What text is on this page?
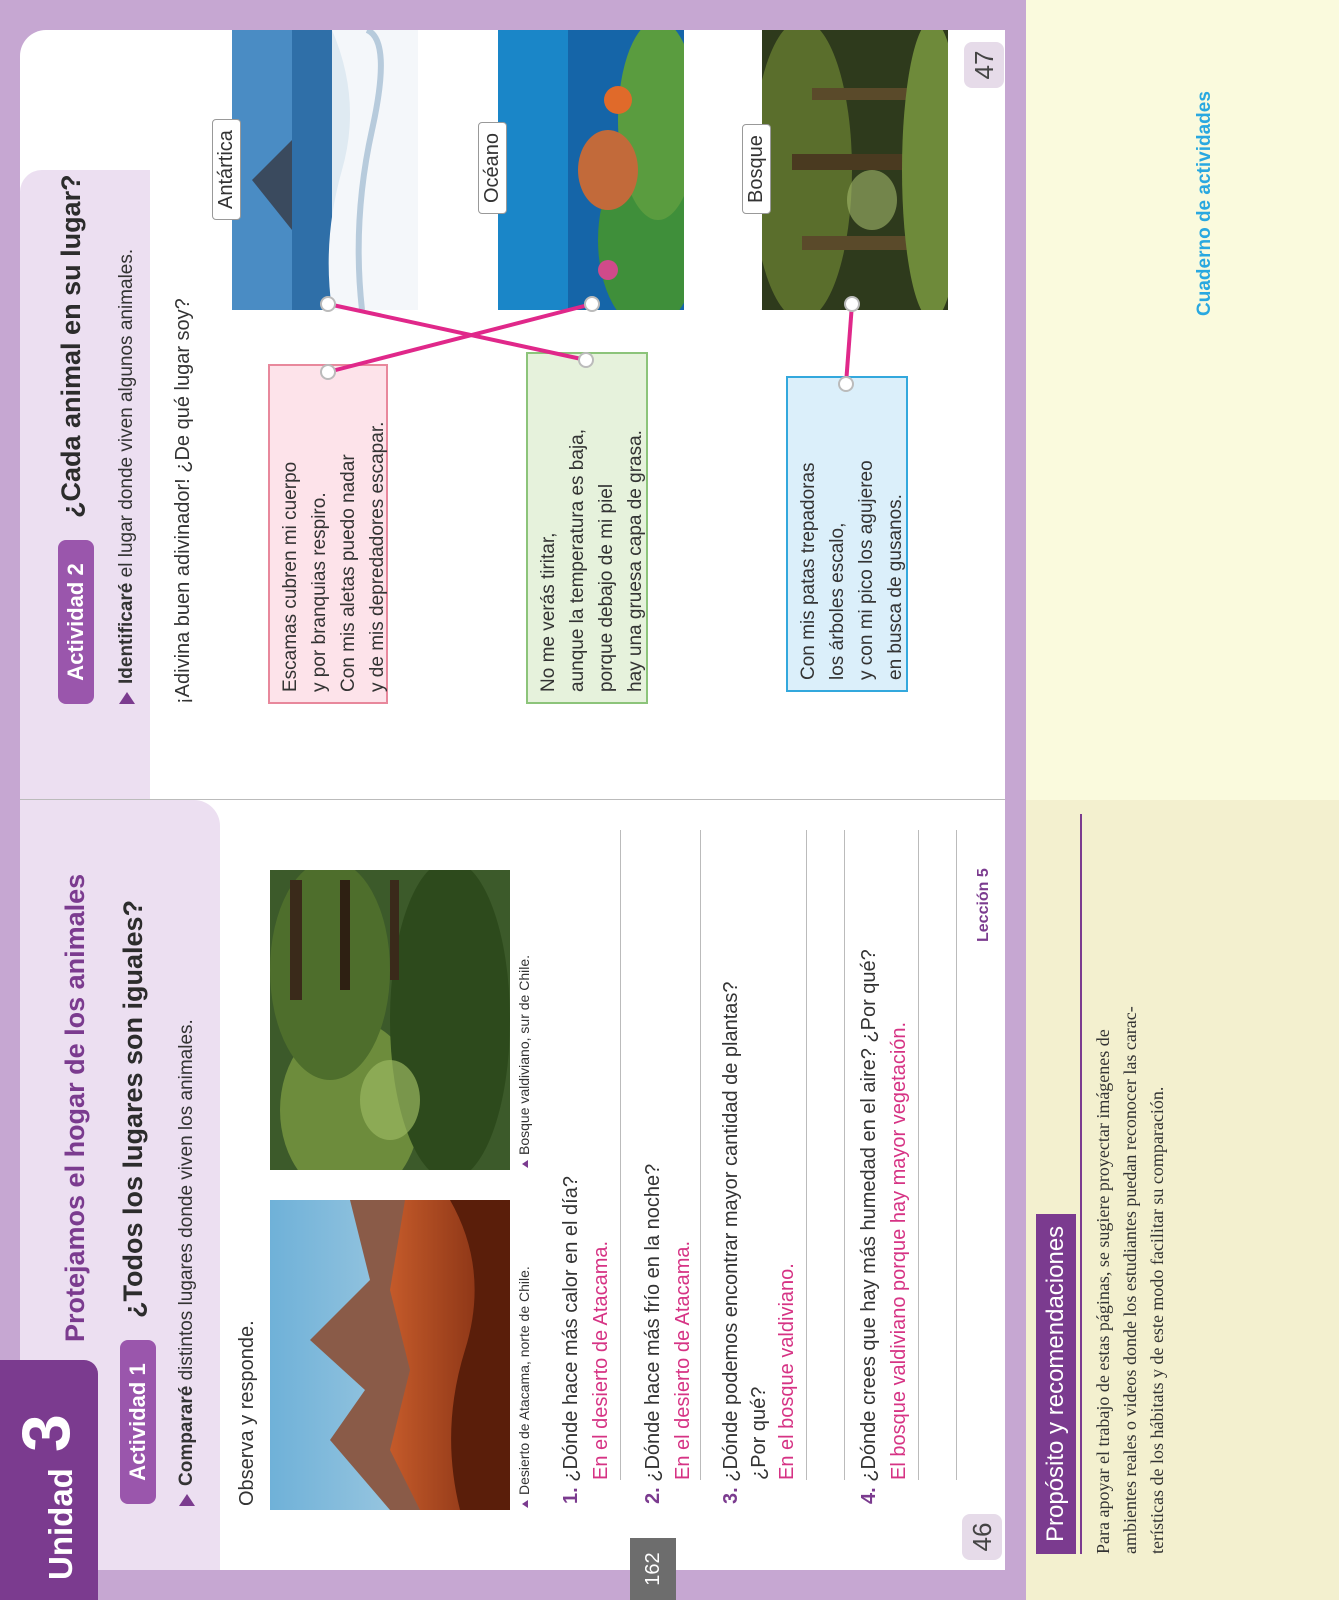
Unidad
3
Protejamos el hogar de los animales
Actividad 1
¿Todos los lugares son iguales?
Compararé distintos lugares donde viven los animales.
Observa y responde.	Desierto de Atacama, norte de Chile.
Bosque valdiviano, sur de Chile.
1. ¿Dónde hace más calor en el día? En el desierto de Atacama.
2. ¿Dónde hace más frío en la noche? En el desierto de Atacama.
3. ¿Dónde podemos encontrar mayor cantidad de plantas? ¿Por qué? En el bosque valdiviano.
4. ¿Dónde crees que hay más humedad en el aire? ¿Por qué? El bosque valdiviano porque hay mayor vegetación.
46
Lección 5
162
Actividad 2
¿Cada animal en su lugar?
Identificaré el lugar donde viven algunos animales. ¡Adivina buen adivinador! ¿De qué lugar soy?	Escamas cubren mi cuerpo y por branquias respiro. Con mis aletas puedo nadar y de mis depredadores escapar.	No me verás tiritar, aunque la temperatura es baja, porque debajo de mi piel hay una gruesa capa de grasa.	Con mis patas trepadoras los árboles escalo, y con mi pico los agujereo en busca de gusanos.
Antártica	Océano	Bosque
47
Propósito y recomendaciones	Para apoyar el trabajo de estas páginas, se sugiere proyectar imágenes de ambientes reales o videos donde los estudiantes puedan reconocer las carac- terísticas de los hábitats y de este modo facilitar su comparación.
Cuaderno de actividades
